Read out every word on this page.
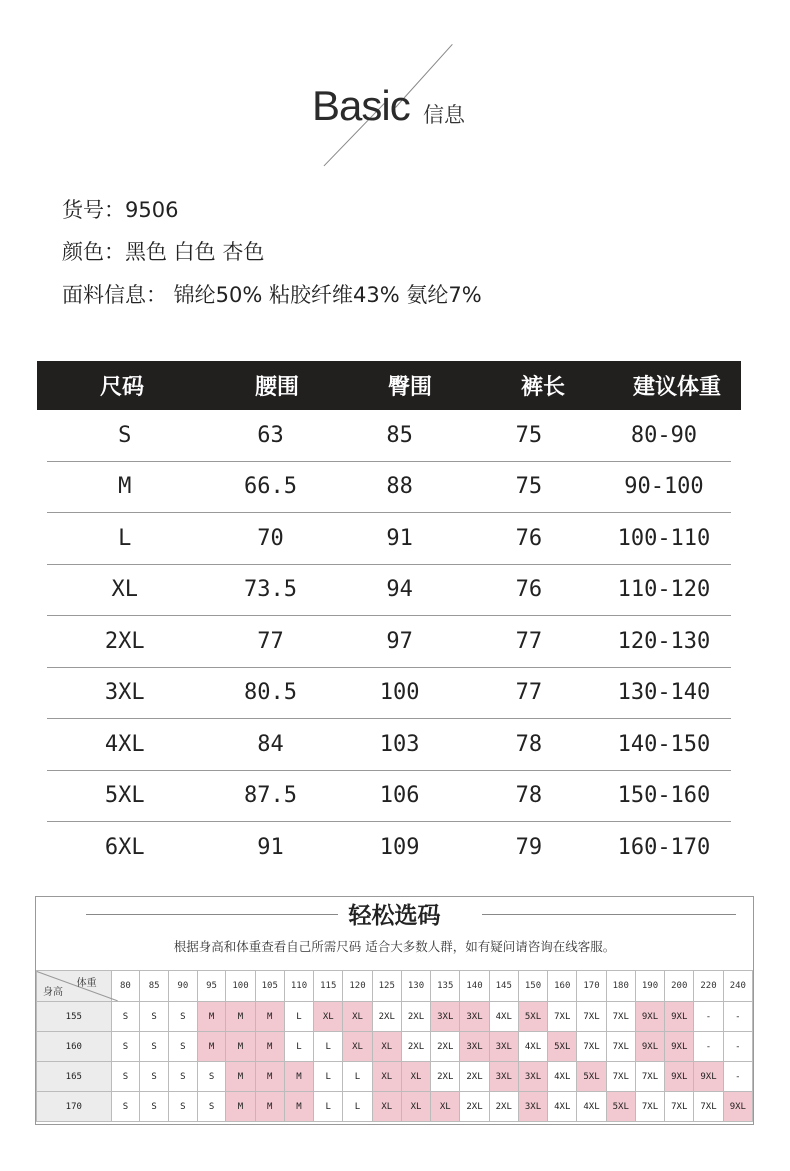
Basic 信息
货号：9506
颜色：黑色 白色 杏色
面料信息： 锦纶50% 粘胶纤维43% 氨纶7%
尺码	腰围	臀围	裤长	建议体重
S	63	85	75	80-90
M	66.5	88	75	90-100
L	70	91	76	100-110
XL	73.5	94	76	110-120
2XL	77	97	77	120-130
3XL	80.5	100	77	130-140
4XL	84	103	78	140-150
5XL	87.5	106	78	150-160
6XL	91	109	79	160-170
轻松选码
根据身高和体重查看自己所需尺码 适合大多数人群，如有疑问请咨询在线客服。
体重
身高	80	85	90	95	100	105	110	115	120	125	130	135	140	145	150	160	170	180	190	200	220	240
155	S	S	S	M	M	M	L	XL	XL	2XL	2XL	3XL	3XL	4XL	5XL	7XL	7XL	7XL	9XL	9XL	-	-
160	S	S	S	M	M	M	L	L	XL	XL	2XL	2XL	3XL	3XL	4XL	5XL	7XL	7XL	9XL	9XL	-	-
165	S	S	S	S	M	M	M	L	L	XL	XL	2XL	2XL	3XL	3XL	4XL	5XL	7XL	7XL	9XL	9XL	-
170	S	S	S	S	M	M	M	L	L	XL	XL	XL	2XL	2XL	3XL	4XL	4XL	5XL	7XL	7XL	7XL	9XL
